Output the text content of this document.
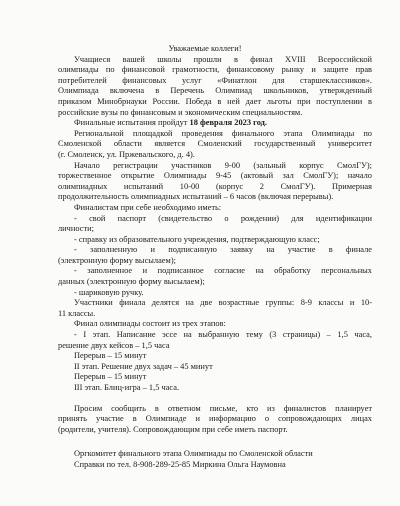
Уважаемые коллеги!
Учащиеся вашей школы прошли в финал XVIII Всероссийской
олимпиады по финансовой грамотности, финансовому рынку и защите прав
потребителей финансовых услуг «Финатлон для старшеклассников».
Олимпиада включена в Перечень Олимпиад школьников, утвержденный
приказом Минобрнауки России. Победа в ней дает льготы при поступлении в
российские вузы по финансовым и экономическим специальностям.
Финальные испытания пройдут 18 февраля 2023 год.
Региональной площадкой проведения финального этапа Олимпиады по
Смоленской области является Смоленский государственный университет
(г. Смоленск, ул. Пржевальского, д. 4).
Начало регистрации участников 9-00 (зальный корпус СмолГУ);
торжественное открытие Олимпиады 9-45 (актовый зал СмолГУ); начало
олимпиадных испытаний 10-00 (корпус 2 СмолГУ). Примерная
продолжительность олимпиадных испытаний – 6 часов (включая перерывы).
Финалистам при себе необходимо иметь:
- свой паспорт (свидетельство о рождении) для идентификации
личности;
- справку из образовательного учреждения, подтверждающую класс;
- заполненную и подписанную заявку на участие в финале
(электронную форму высылаем);
- заполненное и подписанное согласие на обработку персональных
данных (электронную форму высылаем);
- шариковую ручку.
Участники финала делятся на две возрастные группы: 8-9 классы и 10-
11 классы.
Финал олимпиады состоит из трех этапов:
- I этап. Написание эссе на выбранную тему (3 страницы) – 1,5 часа,
решение двух кейсов – 1,5 часа
Перерыв – 15 минут
II этап. Решение двух задач – 45 минут
Перерыв – 15 минут
III этап. Блиц-игра – 1,5 часа.
Просим сообщить в ответном письме, кто из финалистов планирует
принять участие в Олимпиаде и информацию о сопровождающих лицах
(родители, учителя). Сопровождающим при себе иметь паспорт.
Оргкомитет финального этапа Олимпиады по Смоленской области
Справки по тел. 8-908-289-25-85 Миркина Ольга Наумовна
